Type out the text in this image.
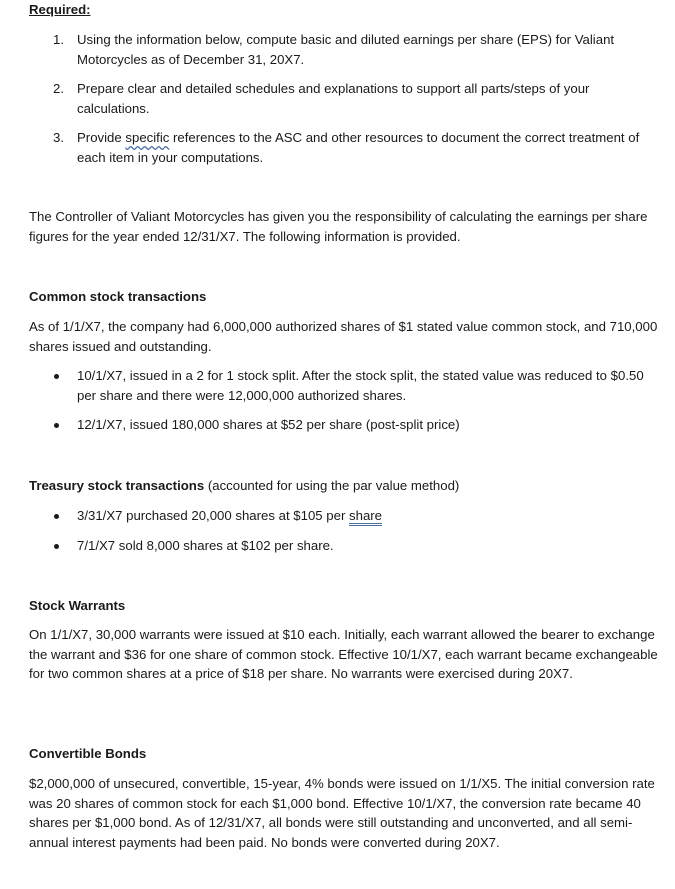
Required:
1. Using the information below, compute basic and diluted earnings per share (EPS) for Valiant Motorcycles as of December 31, 20X7.
2. Prepare clear and detailed schedules and explanations to support all parts/steps of your calculations.
3. Provide specific references to the ASC and other resources to document the correct treatment of each item in your computations.

The Controller of Valiant Motorcycles has given you the responsibility of calculating the earnings per share figures for the year ended 12/31/X7. The following information is provided.

Common stock transactions

As of 1/1/X7, the company had 6,000,000 authorized shares of $1 stated value common stock, and 710,000 shares issued and outstanding.

10/1/X7, issued in a 2 for 1 stock split. After the stock split, the stated value was reduced to $0.50 per share and there were 12,000,000 authorized shares.
12/1/X7, issued 180,000 shares at $52 per share (post-split price)
Treasury stock transactions (accounted for using the par value method)
3/31/X7 purchased 20,000 shares at $105 per share
7/1/X7 sold 8,000 shares at $102 per share.
Stock Warrants

On 1/1/X7, 30,000 warrants were issued at $10 each. Initially, each warrant allowed the bearer to exchange the warrant and $36 for one share of common stock. Effective 10/1/X7, each warrant became exchangeable for two common shares at a price of $18 per share. No warrants were exercised during 20X7.

Convertible Bonds

$2,000,000 of unsecured, convertible, 15-year, 4% bonds were issued on 1/1/X5. The initial conversion rate was 20 shares of common stock for each $1,000 bond. Effective 10/1/X7, the conversion rate became 40 shares per $1,000 bond. As of 12/31/X7, all bonds were still outstanding and unconverted, and all semi-annual interest payments had been paid. No bonds were converted during 20X7.
